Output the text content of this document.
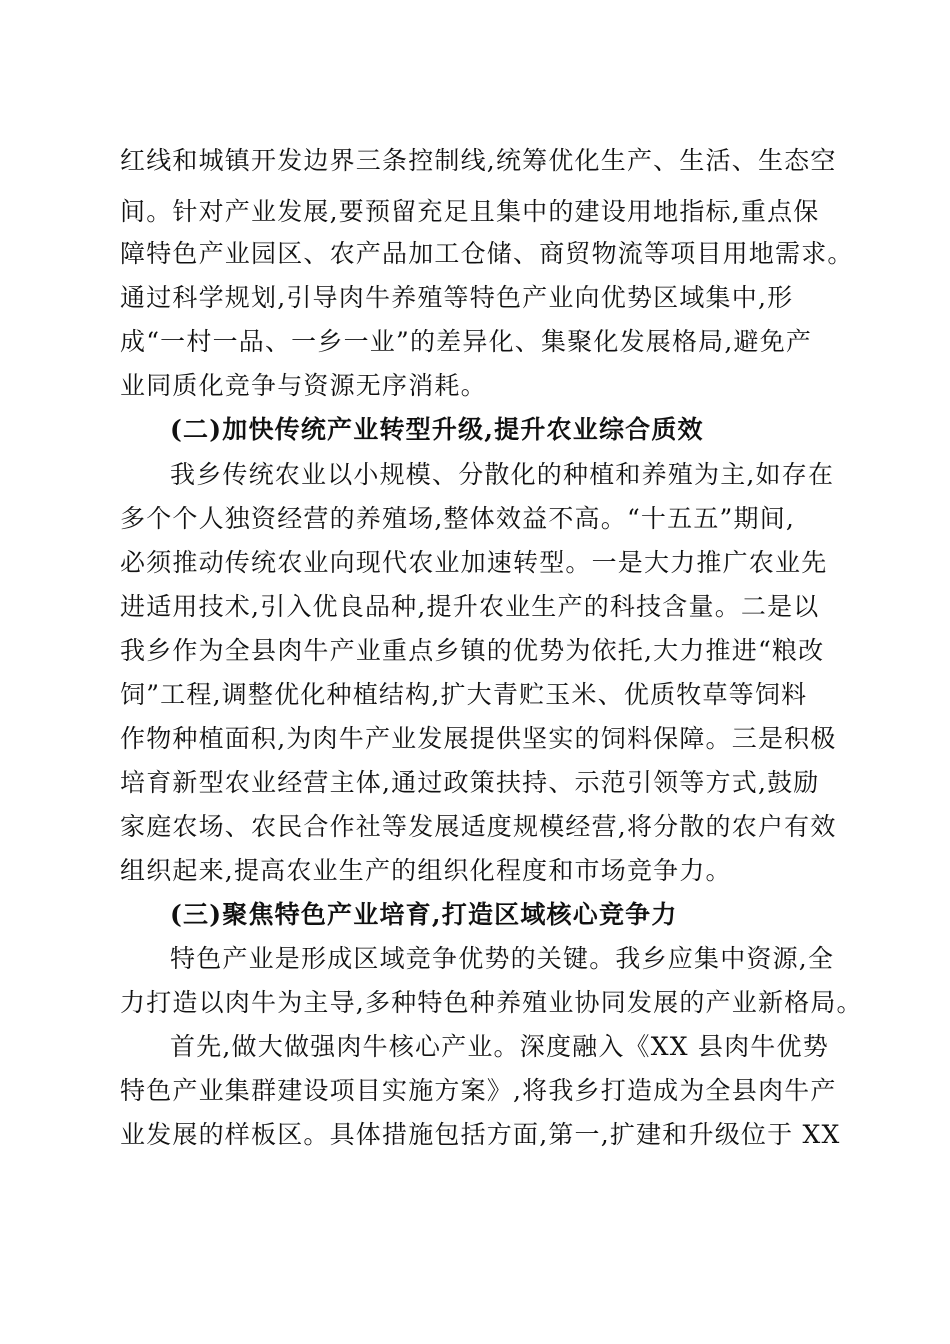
红线和城镇开发边界三条控制线,统筹优化生产、生活、生态空
间。针对产业发展,要预留充足且集中的建设用地指标,重点保
障特色产业园区、农产品加工仓储、商贸物流等项目用地需求。
通过科学规划,引导肉牛养殖等特色产业向优势区域集中,形
成“一村一品、一乡一业”的差异化、集聚化发展格局,避免产
业同质化竞争与资源无序消耗。
(二)加快传统产业转型升级,提升农业综合质效
我乡传统农业以小规模、分散化的种植和养殖为主,如存在
多个个人独资经营的养殖场,整体效益不高。“十五五”期间,
必须推动传统农业向现代农业加速转型。一是大力推广农业先
进适用技术,引入优良品种,提升农业生产的科技含量。二是以
我乡作为全县肉牛产业重点乡镇的优势为依托,大力推进“粮改
饲”工程,调整优化种植结构,扩大青贮玉米、优质牧草等饲料
作物种植面积,为肉牛产业发展提供坚实的饲料保障。三是积极
培育新型农业经营主体,通过政策扶持、示范引领等方式,鼓励
家庭农场、农民合作社等发展适度规模经营,将分散的农户有效
组织起来,提高农业生产的组织化程度和市场竞争力。
(三)聚焦特色产业培育,打造区域核心竞争力
特色产业是形成区域竞争优势的关键。我乡应集中资源,全
力打造以肉牛为主导,多种特色种养殖业协同发展的产业新格局。
首先,做大做强肉牛核心产业。深度融入《XX 县肉牛优势
特色产业集群建设项目实施方案》,将我乡打造成为全县肉牛产
业发展的样板区。具体措施包括方面,第一,扩建和升级位于 XX
